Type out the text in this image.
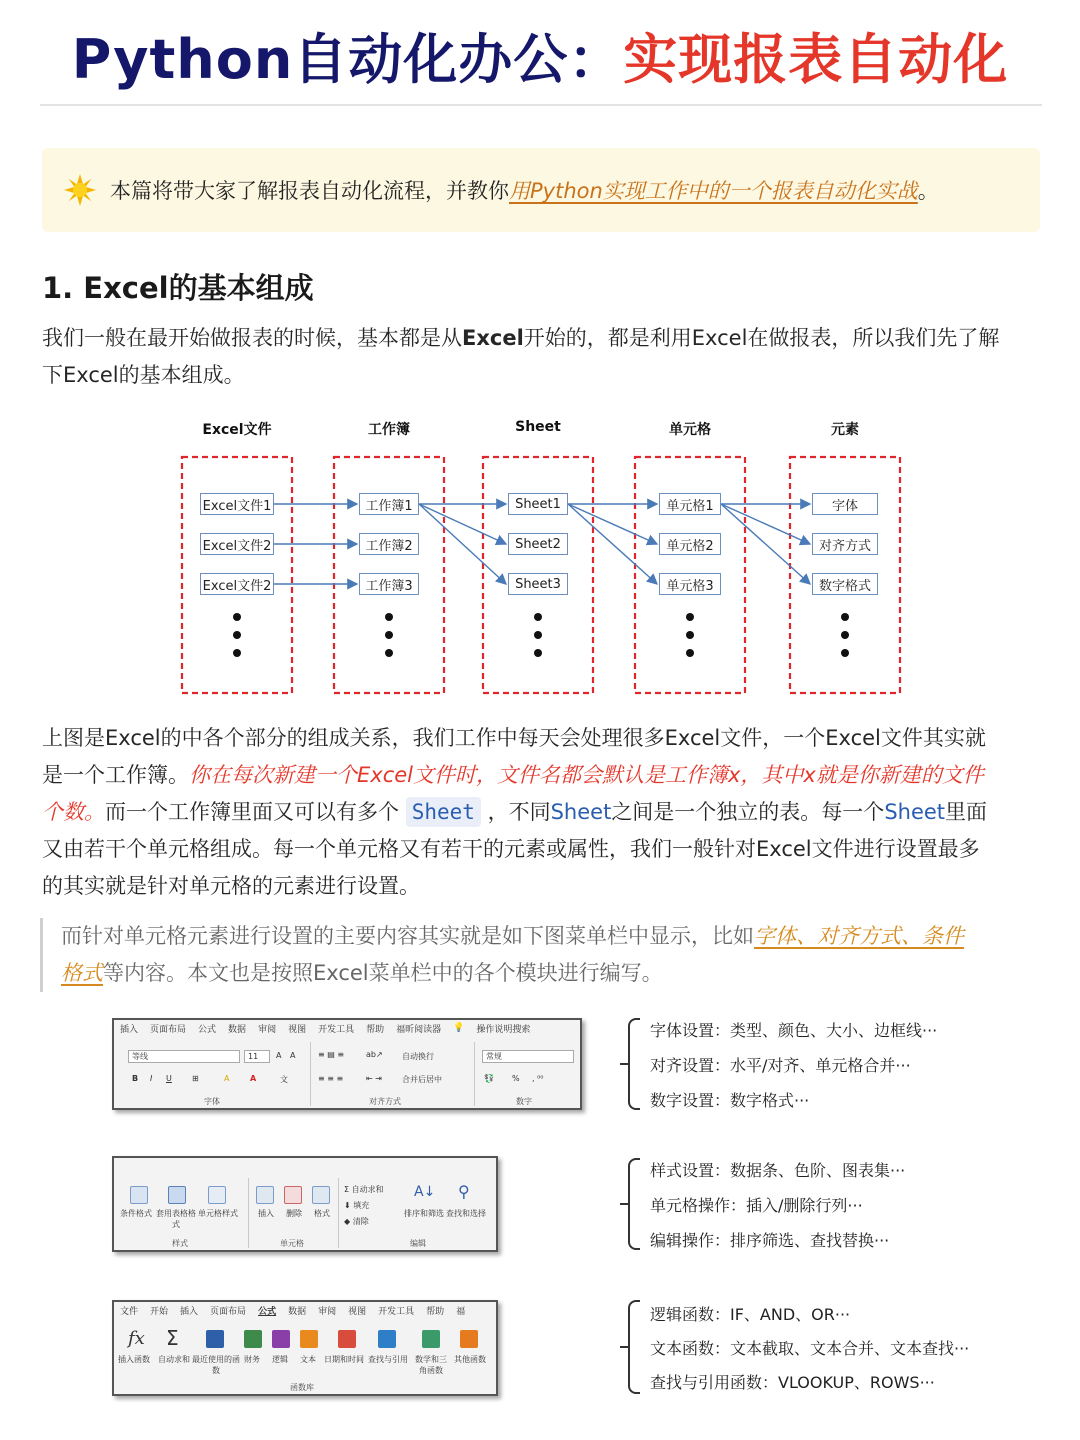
Python自动化办公：实现报表自动化
本篇将带大家了解报表自动化流程，并教你 用Python实现工作中的一个报表自动化实战 。
1. Excel的基本组成
我们一般在最开始做报表的时候，基本都是从Excel开始的，都是利用Excel在做报表，所以我们先了解
下Excel的基本组成。
Excel文件
Excel文件1
Excel文件2
Excel文件2
工作簿
工作簿1
工作簿2
工作簿3
Sheet
Sheet1
Sheet2
Sheet3
单元格
单元格1
单元格2
单元格3
元素
字体
对齐方式
数字格式
上图是Excel的中各个部分的组成关系，我们工作中每天会处理很多Excel文件，一个Excel文件其实就
是一个工作簿。你在每次新建一个Excel文件时，文件名都会默认是工作簿x，其中x就是你新建的文件
个数。而一个工作簿里面又可以有多个 Sheet ，不同Sheet之间是一个独立的表。每一个Sheet里面
又由若干个单元格组成。每一个单元格又有若干的元素或属性，我们一般针对Excel文件进行设置最多
的其实就是针对单元格的元素进行设置。
而针对单元格元素进行设置的主要内容其实就是如下图菜单栏中显示，比如字体、对齐方式、条件
格式等内容。本文也是按照Excel菜单栏中的各个模块进行编写。
插入 页面布局 公式 数据 审阅 视图 开发工具 帮助 福昕阅读器 💡 操作说明搜索
等线	11	A A
B I U	⊞	A	A	文
字体
≡ ▤ ≡	ab↗ 自动换行
≡ ≡ ≡	⇤ ⇥	合并后居中
对齐方式
常规
💱 % , ⁰⁰
数字
条件格式 套用表格格式
单元格样式
样式
插入 删除 格式
单元格
Σ 自动求和
⬇ 填充
◆ 清除
A↓ ⚲
排序和筛选 查找和选择
编辑
文件 开始 插入 页面布局 公式 数据 审阅 视图 开发工具 帮助 福
fx Σ
插入函数 自动求和 最近使用的函数
财务 逻辑 文本 日期和时间 查找与引用 数学和三角函数
其他函数
函数库
字体设置：类型、颜色、大小、边框线···
对齐设置：水平/对齐、单元格合并···
数字设置：数字格式···
样式设置：数据条、色阶、图表集···
单元格操作：插入/删除行列···
编辑操作：排序筛选、查找替换···
逻辑函数：IF、AND、OR···
文本函数：文本截取、文本合并、文本查找···
查找与引用函数：VLOOKUP、ROWS···
